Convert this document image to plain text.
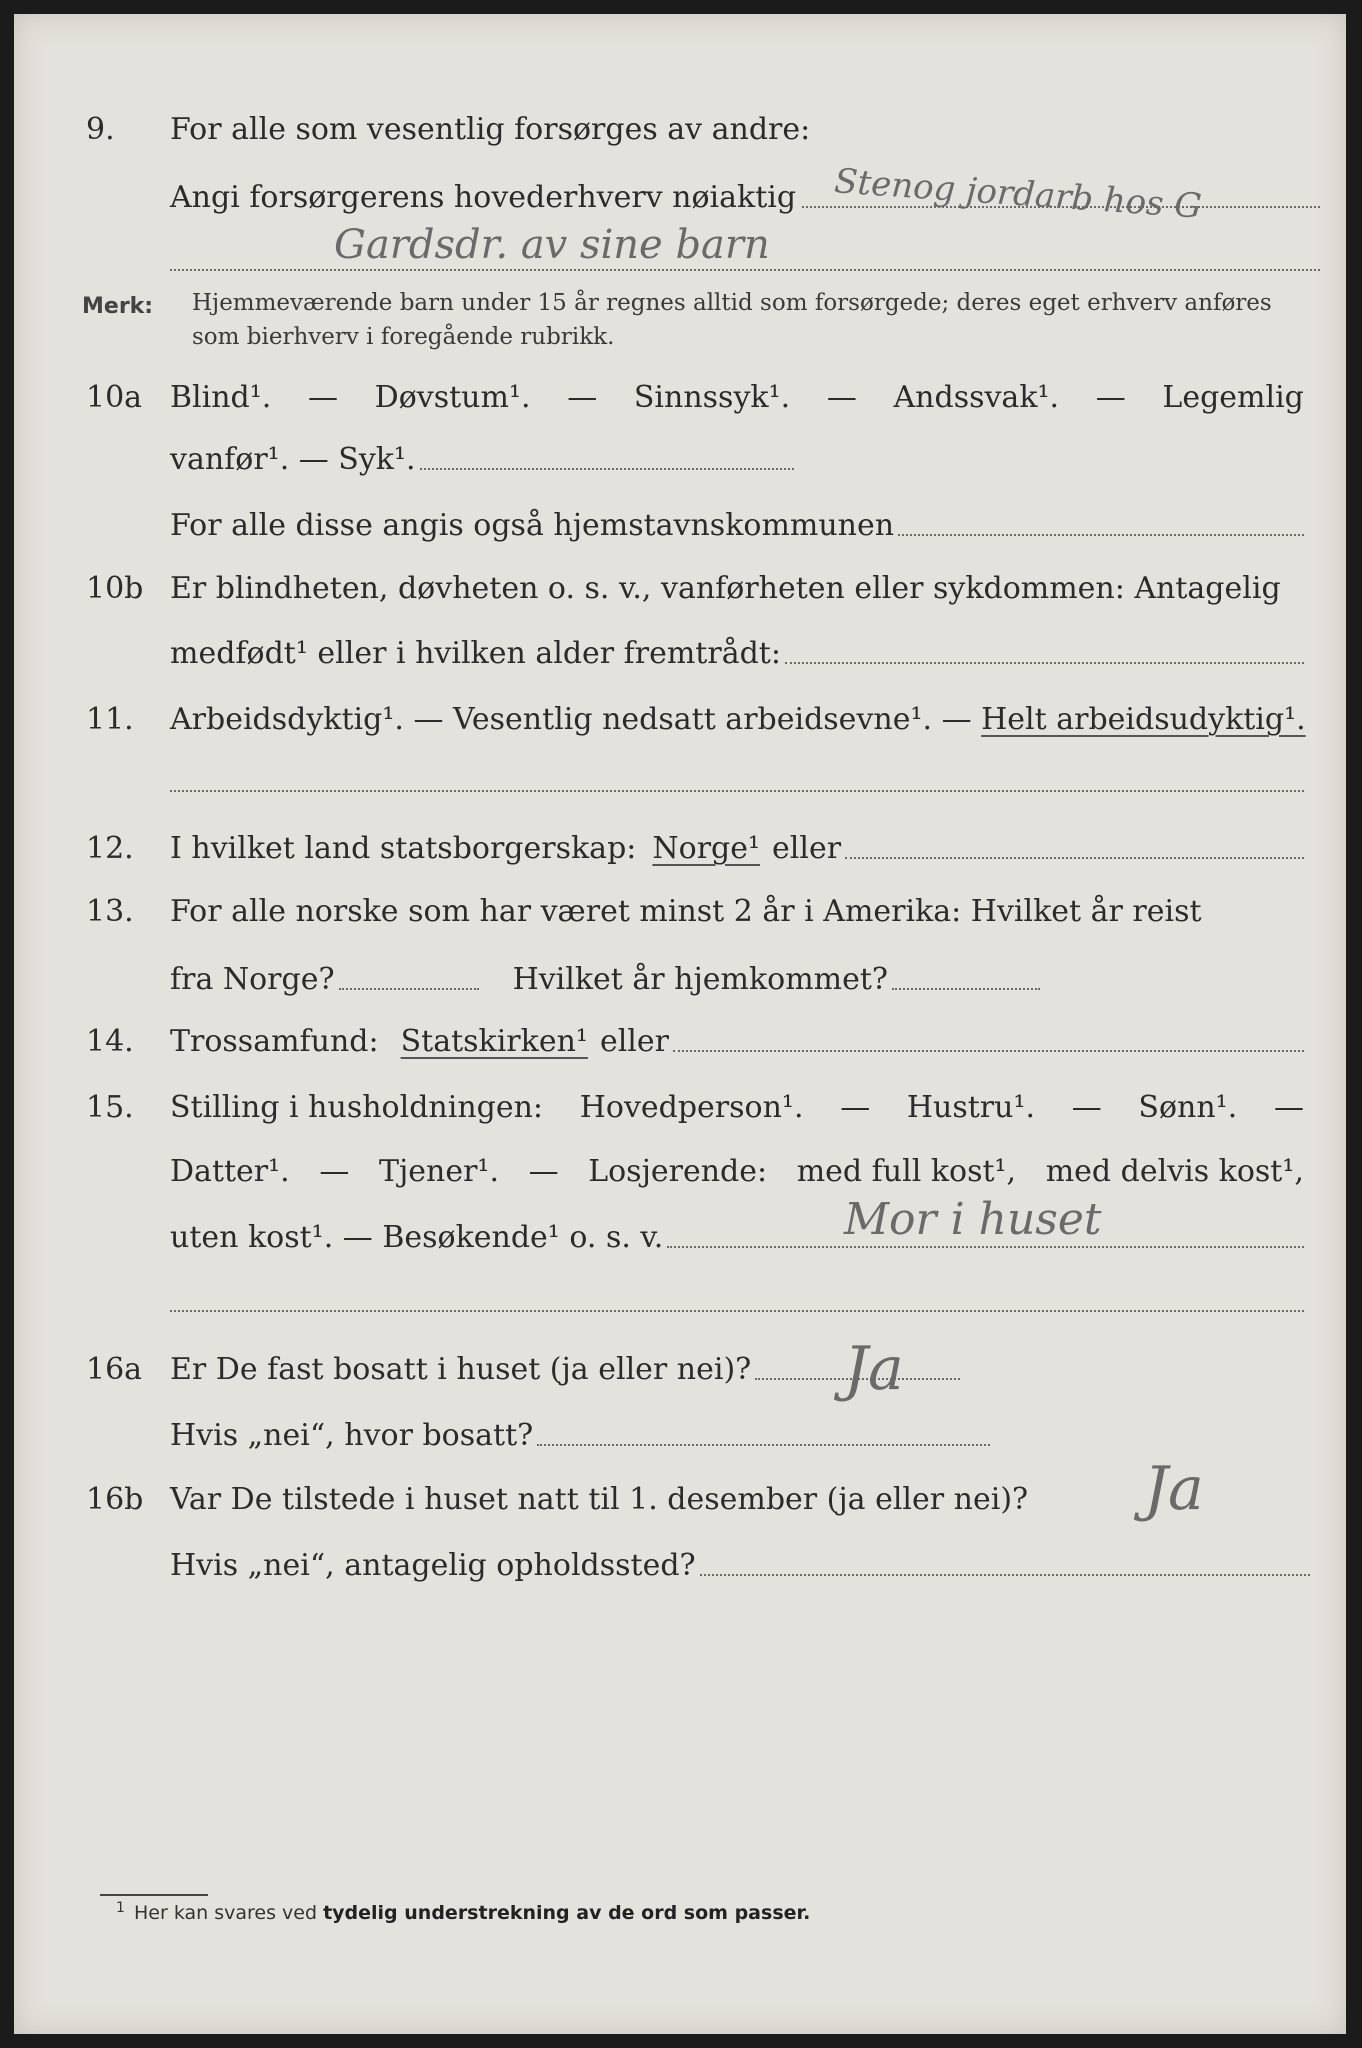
9. For alle som vesentlig forsørges av andre:
Angi forsørgerens hovederhverv nøiaktig Stenog jordarb hos G
Gardsdr. av sine barn
Merk: Hjemmeværende barn under 15 år regnes alltid som forsørgede; deres eget erhverv anføres som bierhverv i foregående rubrikk.
10a Blind¹. — Døvstum¹. — Sinnssyk¹. — Andssvak¹. — Legemlig
vanfør¹. — Syk¹.
For alle disse angis også hjemstavnskommunen
10b Er blindheten, døvheten o. s. v., vanførheten eller sykdommen: Antagelig
medfødt¹ eller i hvilken alder fremtrådt:
11. Arbeidsdyktig¹. — Vesentlig nedsatt arbeidsevne¹. — Helt arbeidsudyktig¹.
12. I hvilket land statsborgerskap: Norge¹ eller
13. For alle norske som har været minst 2 år i Amerika: Hvilket år reist
fra Norge?	Hvilket år hjemkommet?
14. Trossamfund: Statskirken¹ eller
15. Stilling i husholdningen: Hovedperson¹. — Hustru¹. — Sønn¹. —
Datter¹. — Tjener¹. — Losjerende: med full kost¹, med delvis kost¹,
uten kost¹. — Besøkende¹ o. s. v.	Mor i huset
16a Er De fast bosatt i huset (ja eller nei)? Ja
Hvis „nei“, hvor bosatt?
16b Var De tilstede i huset natt til 1. desember (ja eller nei)? Ja
Hvis „nei“, antagelig opholdssted?
1 Her kan svares ved tydelig understrekning av de ord som passer.
